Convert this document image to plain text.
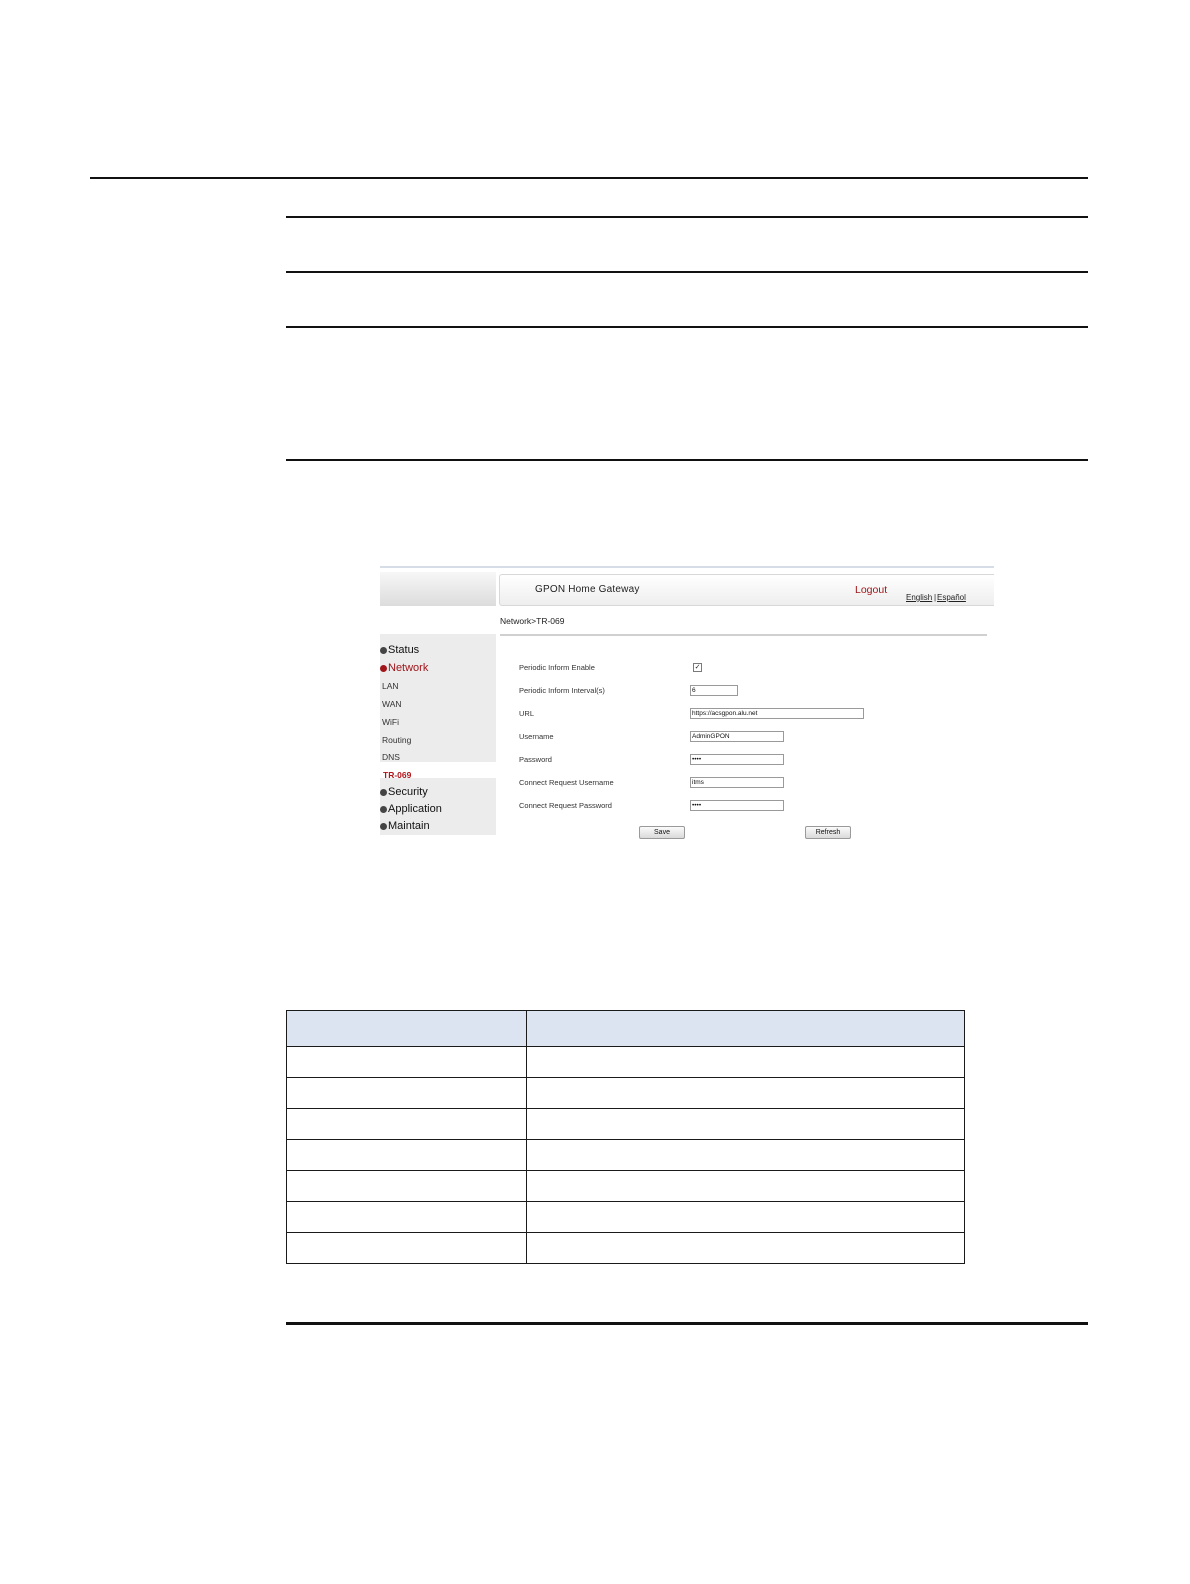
Status
Network
LAN
WAN
WiFi
Routing
DNS
TR-069
Security
Application
Maintain
GPON Home Gateway	Logout
English | Español
Network>TR-069
Periodic Inform Enable	✓
Periodic Inform Interval(s)	6
URL	https://acsgpon.alu.net
Username	AdminGPON
Password	••••
Connect Request Username	itms
Connect Request Password	••••
Save	Refresh
